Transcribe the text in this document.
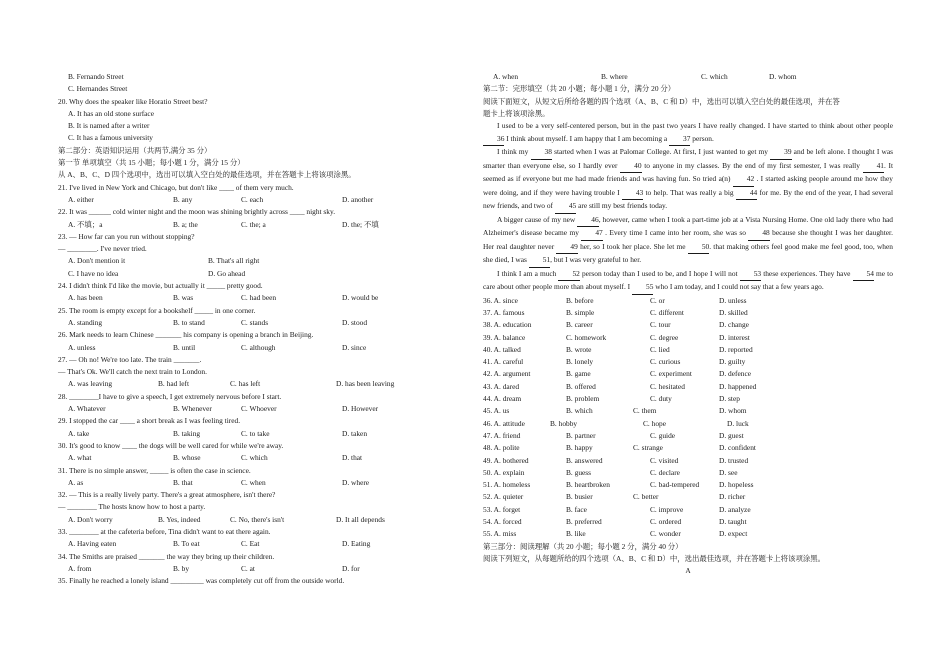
B. Fernando Street
C. Hernandes Street
20. Why does the speaker like Horatio Street best?
A. It has an old stone surface
B. It is named after a writer
C. It has a famous university
第二部分：英语知识运用（共两节,满分 35 分）
第一节 单项填空（共 15 小题；每小题 1 分，满分 15 分）
从 A、B、C、D 四个选项中，选出可以填入空白处的最佳选项，并在答题卡上将该项涂黑。
21. I've lived in New York and Chicago, but don't like ____ of them very much.
A. either	B. any	C. each	D. another
22. It was ______ cold winter night and the moon was shining brightly across ____ night sky.
A. 不填；a	B. a; the	C. the; a	D. the; 不填
23. — How far can you run without stopping?
— ________. I've never tried.
A. Don't mention it	B. That's all right
C. I have no idea	D. Go ahead
24. I didn't think I'd like the movie, but actually it _____ pretty good.
A. has been	B. was	C. had been	D. would be
25. The room is empty except for a bookshelf _____ in one corner.
A. standing	B. to stand	C. stands	D. stood
26. Mark needs to learn Chinese _______ his company is opening a branch in Beijing.
A. unless	B. until	C. although	D. since
27. — Oh no! We're too late. The train _______.
— That's Ok. We'll catch the next train to London.
A. was leaving	B. had left	C. has left	D. has been leaving
28. ________I have to give a speech, I get extremely nervous before I start.
A. Whatever	B. Whenever	C. Whoever	D. However
29. I stopped the car ____ a short break as I was feeling tired.
A. take	B. taking	C. to take	D. taken
30. It's good to know ____ the dogs will be well cared for while we're away.
A. what	B. whose	C. which	D. that
31. There is no simple answer, _____ is often the case in science.
A. as	B. that	C. when	D. where
32. — This is a really lively party. There's a great atmosphere, isn't there?
— ________ The hosts know how to host a party.
A. Don't worry	B. Yes, indeed	C. No, there's isn't	D. It all depends
33. ________ at the cafeteria before, Tina didn't want to eat there again.
A. Having eaten	B. To eat	C. Eat	D. Eating
34. The Smiths are praised _______ the way they bring up their children.
A. from	B. by	C. at	D. for
35. Finally he reached a lonely island _________ was completely cut off from the outside world.
A. when	B. where	C. which	D. whom
第二节：完形填空（共 20 小题；每小题 1 分，满分 20 分）
阅读下面短文，从短文后所给各题的四个选项（A、B、C 和 D）中，选出可以填入空白处的最佳选项，并在答
题卡上将该项涂黑。
I used to be a very self-centered person, but in the past two years I have really changed. I have started to think about other people 36 I think about myself. I am happy that I am becoming a 37 person.
I think my 38 started when I was at Palomar College. At first, I just wanted to get my 39 and be left alone. I thought I was smarter than everyone else, so I hardly ever 40 to anyone in my classes. By the end of my first semester, I was really 41. It seemed as if everyone but me had made friends and was having fun. So tried a(n) 42 . I started asking people around me how they were doing, and if they were having trouble I 43 to help. That was really a big 44 for me. By the end of the year, I had several new friends, and two of 45 are still my best friends today.
A bigger cause of my new 46, however, came when I took a part-time job at a Vista Nursing Home. One old lady there who had Alzheimer's disease became my 47 . Every time I came into her room, she was so 48 because she thought I was her daughter. Her real daughter never 49 her, so I took her place. She let me 50. that making others feel good make me feel good, too, when she died, I was 51, but I was very grateful to her.
I think I am a much 52 person today than I used to be, and I hope I will not 53 these experiences. They have 54 me to care about other people more than about myself. I 55 who I am today, and I could not say that a few years ago.
36. A. since	B. before	C. or	D. unless
37. A. famous	B. simple	C. different	D. skilled
38. A. education	B. career	C. tour	D. change
39. A. balance	C. homework	C. degree	D. interest
40. A. talked	B. wrote	C. lied	D. reported
41. A. careful	B. lonely	C. curious	D. guilty
42. A. argument	B. game	C. experiment	D. defence
43. A. dared	B. offered	C. hesitated	D. happened
44. A. dream	B. problem	C. duty	D. step
45. A. us	B. which	C. them	D. whom
46. A. attitude	B. hobby	C. hope	D. luck
47. A. friend	B. partner	C. guide	D. guest
48. A. polite	B. happy	C. strange	D. confident
49. A. bothered	B. answered	C. visited	D. trusted
50. A. explain	B. guess	C. declare	D. see
51. A. homeless	B. heartbroken	C. bad-tempered	D. hopeless
52. A. quieter	B. busier	C. better	D. richer
53. A. forget	B. face	C. improve	D. analyze
54. A. forced	B. preferred	C. ordered	D. taught
55. A. miss	B. like	C. wonder	D. expect
第三部分：阅读理解（共 20 小题；每小题 2 分，满分 40 分）
阅读下列短文，从每题所给的四个选项（A、B、C 和 D）中，选出最佳选项，并在答题卡上将该项涂黑。
A
